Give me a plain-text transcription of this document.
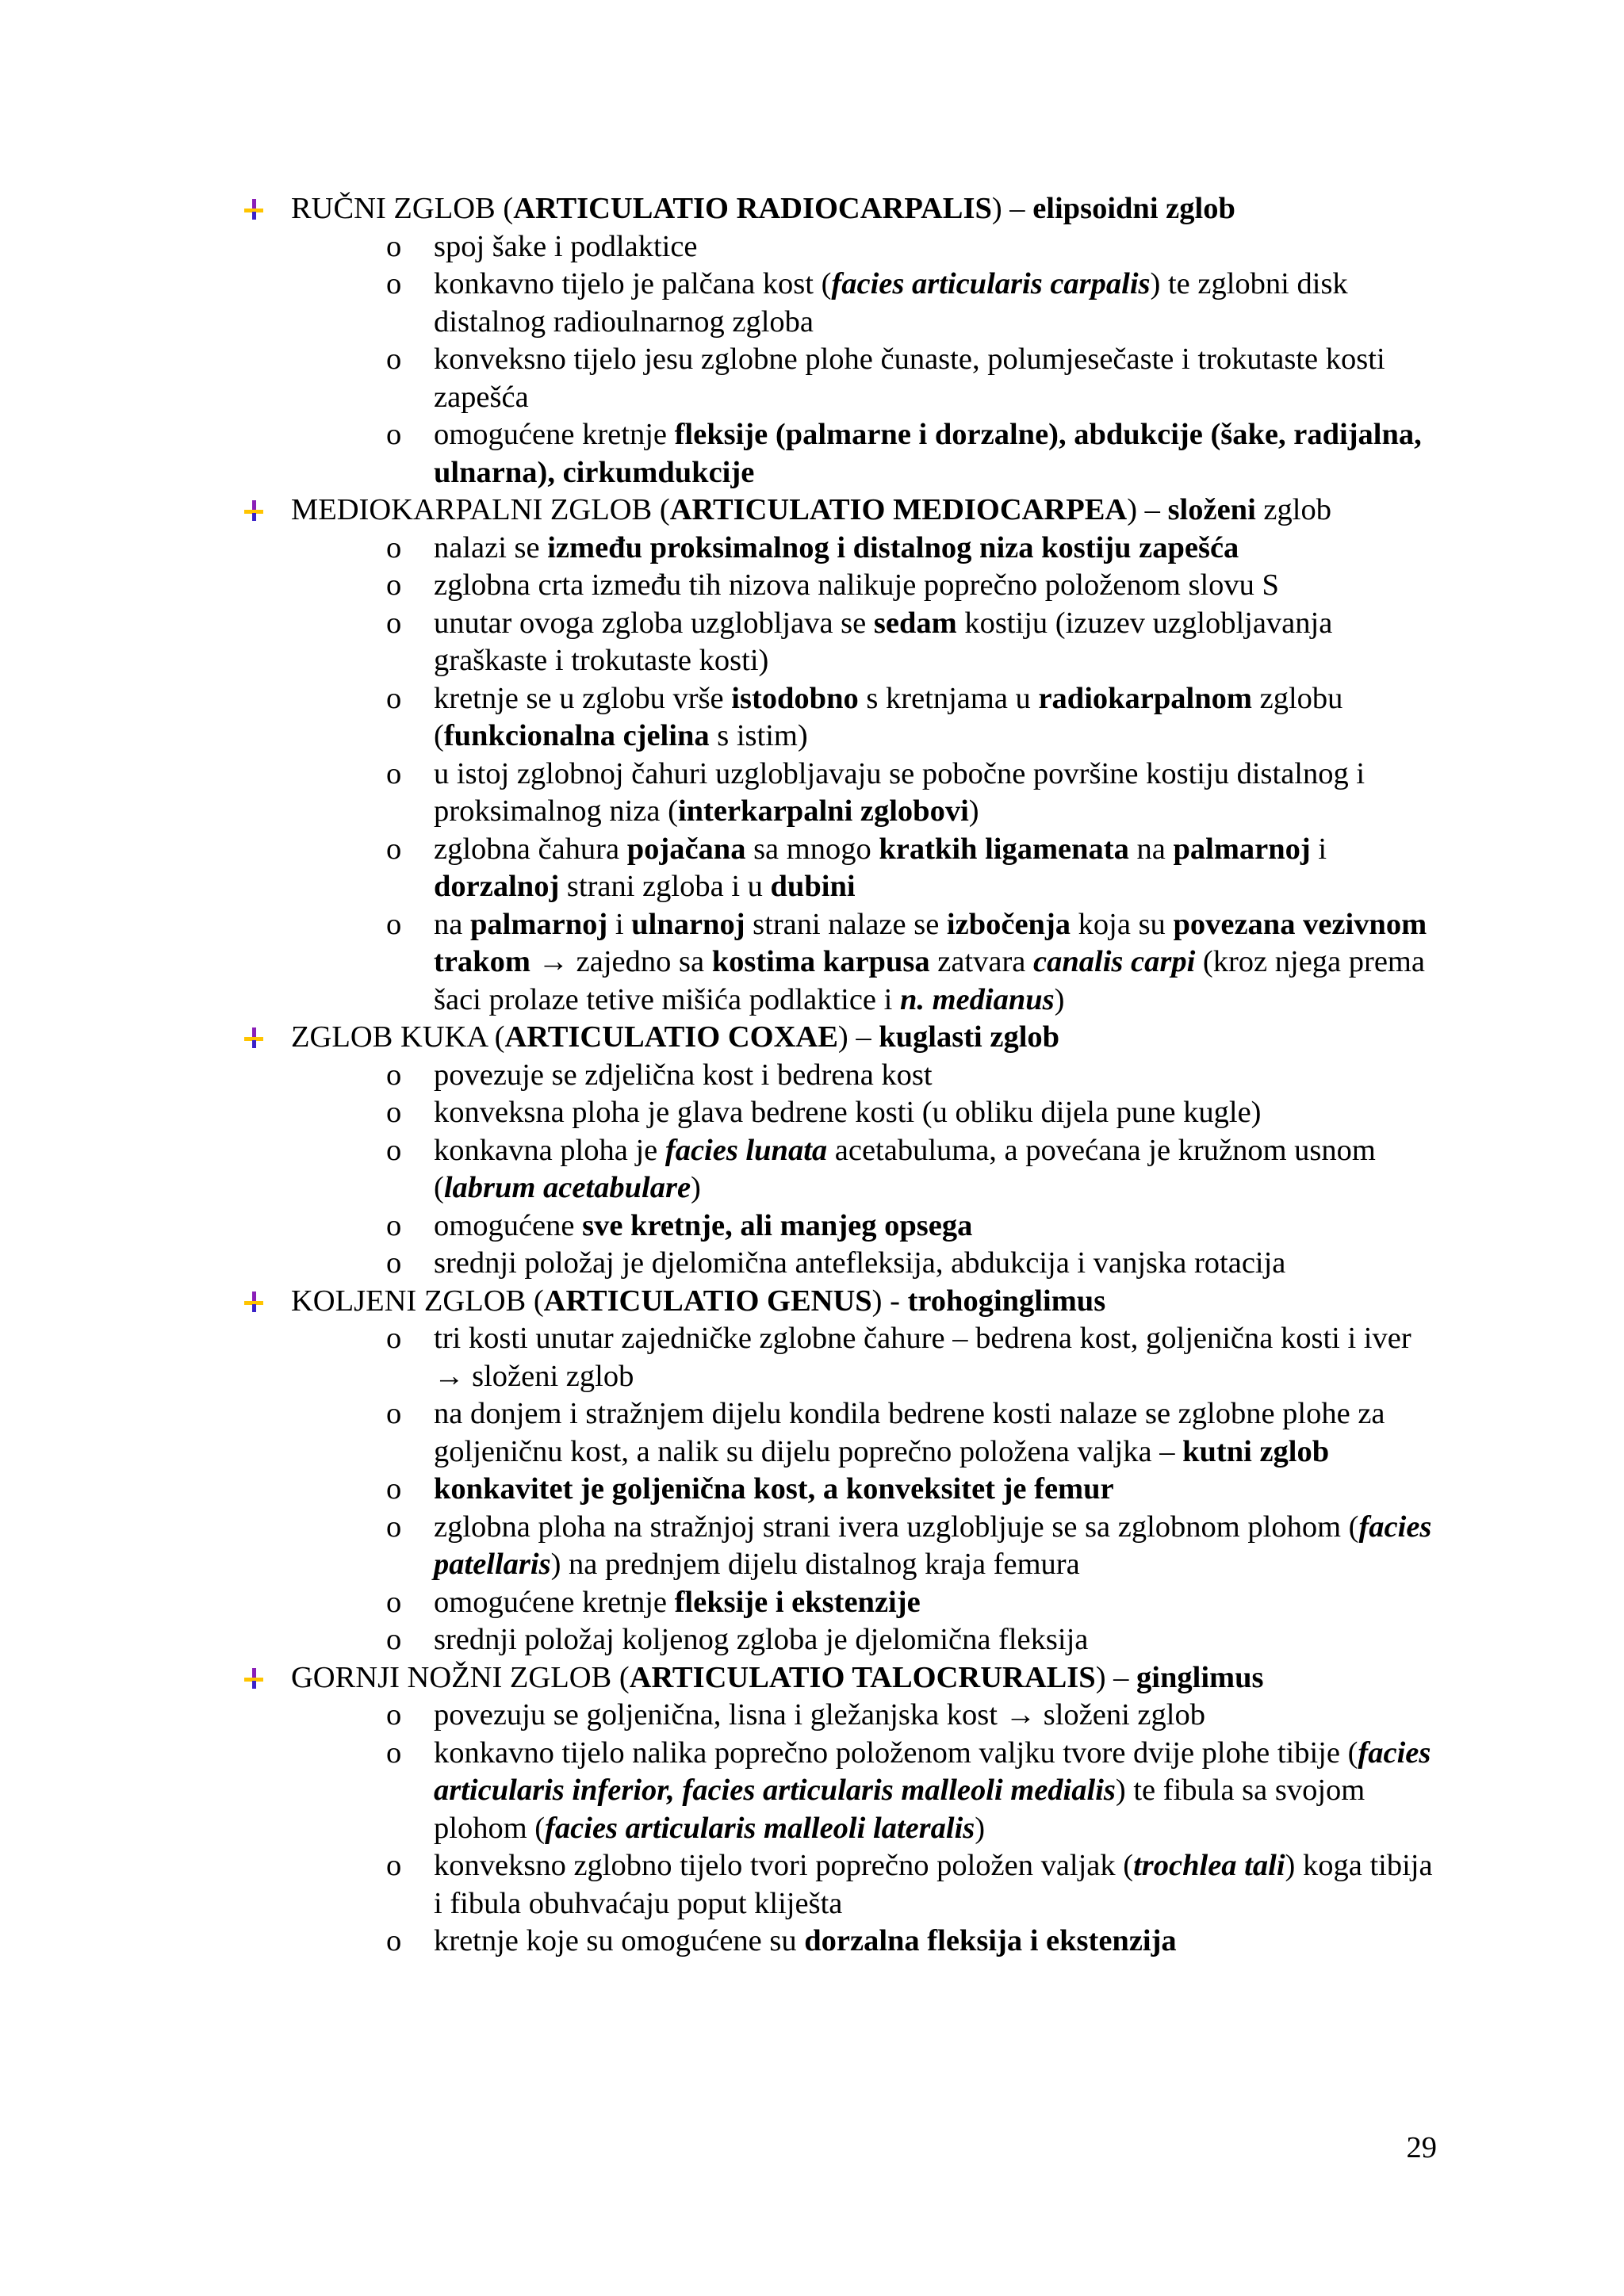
RUČNI ZGLOB (ARTICULATIO RADIOCARPALIS) – elipsoidni zglob
o spoj šake i podlaktice
o konkavno tijelo je palčana kost (facies articularis carpalis) te zglobni disk distalnog radioulnarnog zgloba
o konveksno tijelo jesu zglobne plohe čunaste, polumjesečaste i trokutaste kosti zapešća
o omogućene kretnje fleksije (palmarne i dorzalne), abdukcije (šake, radijalna, ulnarna), cirkumdukcije
MEDIOKARPALNI ZGLOB (ARTICULATIO MEDIOCARPEA) – složeni zglob
o nalazi se između proksimalnog i distalnog niza kostiju zapešća
o zglobna crta između tih nizova nalikuje poprečno položenom slovu S
o unutar ovoga zgloba uzglobljava se sedam kostiju (izuzev uzglobljavanja graškaste i trokutaste kosti)
o kretnje se u zglobu vrše istodobno s kretnjama u radiokarpalnom zglobu (funkcionalna cjelina s istim)
o u istoj zglobnoj čahuri uzglobljavaju se pobočne površine kostiju distalnog i proksimalnog niza (interkarpalni zglobovi)
o zglobna čahura pojačana sa mnogo kratkih ligamenata na palmarnoj i dorzalnoj strani zgloba i u dubini
o na palmarnoj i ulnarnoj strani nalaze se izbočenja koja su povezana vezivnom trakom → zajedno sa kostima karpusa zatvara canalis carpi (kroz njega prema šaci prolaze tetive mišića podlaktice i n. medianus)
ZGLOB KUKA (ARTICULATIO COXAE) – kuglasti zglob
o povezuje se zdjelična kost i bedrena kost
o konveksna ploha je glava bedrene kosti (u obliku dijela pune kugle)
o konkavna ploha je facies lunata acetabuluma, a povećana je kružnom usnom (labrum acetabulare)
o omogućene sve kretnje, ali manjeg opsega
o srednji položaj je djelomična antefleksija, abdukcija i vanjska rotacija
KOLJENI ZGLOB (ARTICULATIO GENUS) - trohoginglimus
o tri kosti unutar zajedničke zglobne čahure – bedrena kost, goljenična kosti i iver → složeni zglob
o na donjem i stražnjem dijelu kondila bedrene kosti nalaze se zglobne plohe za goljeničnu kost, a nalik su dijelu poprečno položena valjka – kutni zglob
o konkavitet je goljenična kost, a konveksitet je femur
o zglobna ploha na stražnjoj strani ivera uzglobljuje se sa zglobnom plohom (facies patellaris) na prednjem dijelu distalnog kraja femura
o omogućene kretnje fleksije i ekstenzije
o srednji položaj koljenog zgloba je djelomična fleksija
GORNJI NOŽNI ZGLOB (ARTICULATIO TALOCRURALIS) – ginglimus
o povezuju se goljenična, lisna i gležanjska kost → složeni zglob
o konkavno tijelo nalika poprečno položenom valjku tvore dvije plohe tibije (facies articularis inferior, facies articularis malleoli medialis) te fibula sa svojom plohom (facies articularis malleoli lateralis)
o konveksno zglobno tijelo tvori poprečno položen valjak (trochlea tali) koga tibija i fibula obuhvaćaju poput kliješta
o kretnje koje su omogućene su dorzalna fleksija i ekstenzija
29
